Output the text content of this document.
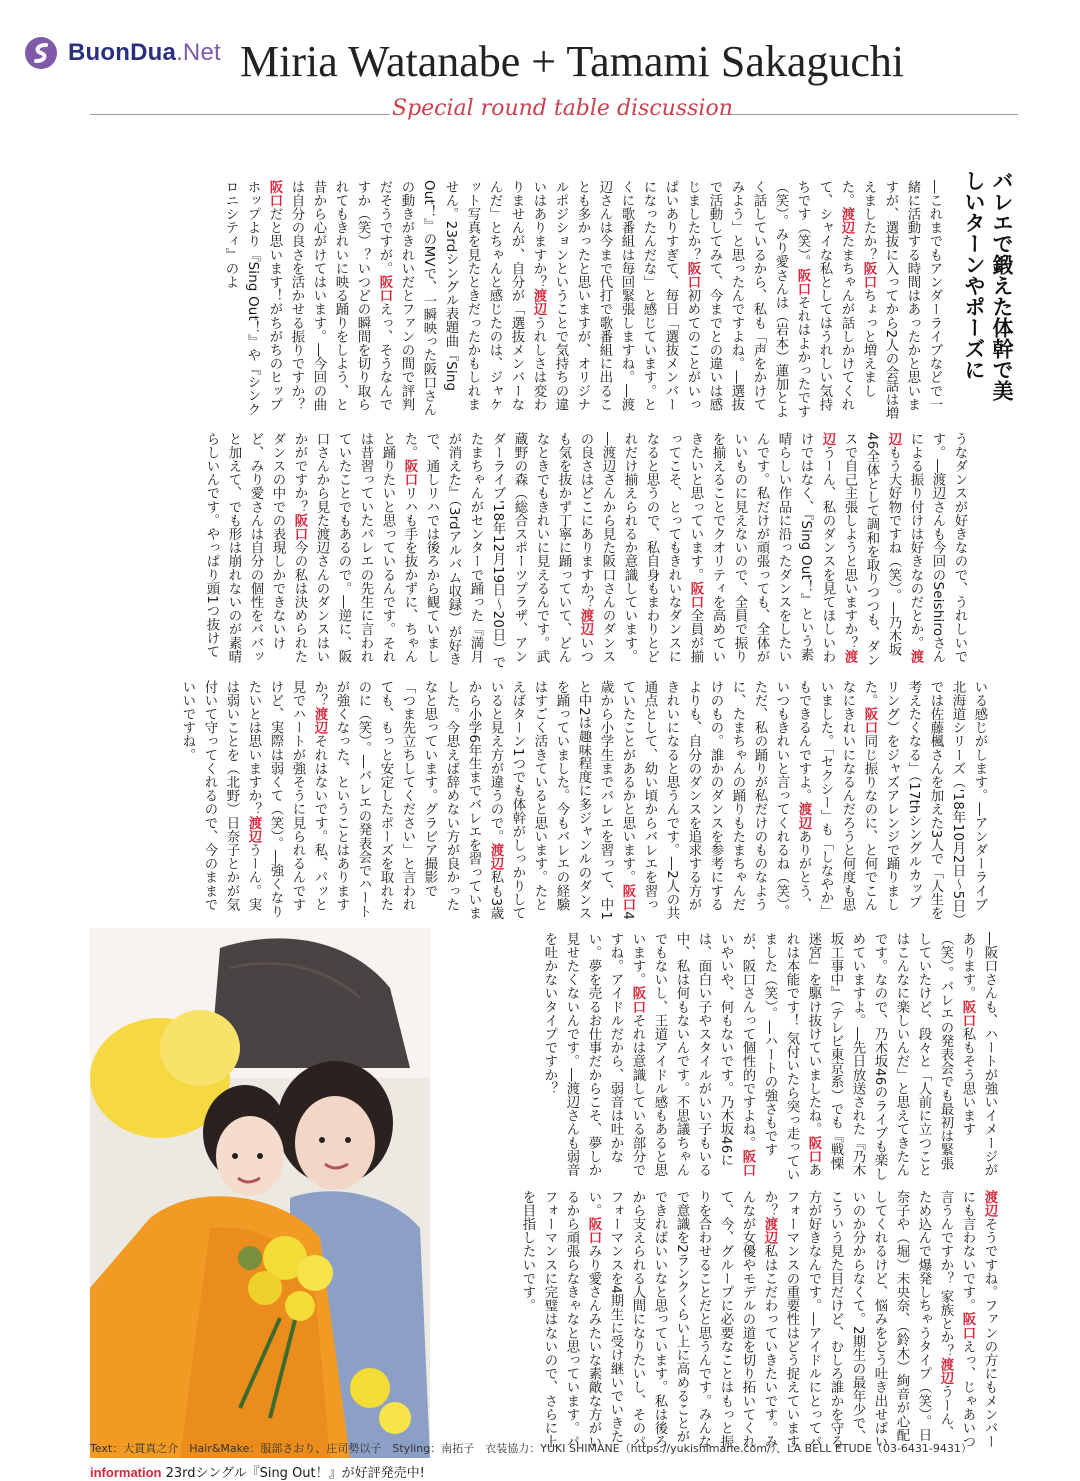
BuonDua.Net Miria Watanabe + Tamami Sakaguchi
Special round table discussion
バレエで鍛えた体幹で美しいターンやポーズに

―これまでもアンダーライブなどで一緒に活動する時間はあったかと思いますが、選抜に入ってから2人の会話は増えましたか？阪口ちょっと増えました。渡辺たまちゃんが話しかけてくれて、シャイな私としてはうれしい気持ちです（笑）。阪口それはよかったです（笑）。みり愛さんは（岩本）蓮加とよく話しているから、私も「声をかけてみよう」と思ったんですよね。―選抜で活動してみて、今までとの違いは感じましたか？阪口初めてのことがいっぱいありすぎて、毎日「選抜メンバーになったんだな」と感じています。とくに歌番組は毎回緊張しますね。―渡辺さんは今まで代打で歌番組に出ることも多かったと思いますが、オリジナルポジションということで気持ちの違いはありますか？渡辺うれしさは変わりませんが、自分が「選抜メンバーなんだ」とちゃんと感じたのは、ジャケット写真を見たときだったかもしれません。23rdシングル表題曲『Sing Out！』のMVで、一瞬映った阪口さんの動きがきれいだとファンの間で評判だそうですが。阪口えっ、そうなんですか（笑）？いつどの瞬間を切り取られてもきれいに映る踊りをしよう、と昔から心がけてはいます。―今回の曲は自分の良さを活かせる振りですか？阪口だと思います！がちがちのヒップホップより『Sing Out！』や『シンクロニシティ』のよ

うなダンスが好きなので、うれしいです。―渡辺さんも今回のSeishiroさんによる振り付けは好きなのだとか。渡辺もう大好物ですね（笑）。―乃木坂46全体として調和を取りつつも、ダンスで自己主張しようと思いますか？渡辺うーん、私のダンスを見てほしいわけではなく、『Sing Out！』という素晴らしい作品に沿ったダンスをしたいんです。私だけが頑張っても、全体がいいものに見えないので、全員で振りを揃えることでクオリティを高めていきたいと思っています。阪口全員が揃ってこそ、とってもきれいなダンスになると思うので、私自身もまわりとどれだけ揃えられるか意識しています。―渡辺さんから見た阪口さんのダンスの良さはどこにありますか？渡辺いつも気を抜かず丁寧に踊っていて、どんなときでもきれいに見えるんです。武蔵野の森（総合スポーツプラザ、アンダーライブ'18年12月19日～20日）でたまちゃんがセンターで踊った『満月が消えた』（3rdアルバム収録）が好きで、通しリハでは後ろから観ていました。阪口リハも手を抜かずに、ちゃんと踊りたいと思っているんです。それは昔習っていたバレエの先生に言われていたことでもあるので。―逆に、阪口さんから見た渡辺さんのダンスはいかがですか？阪口今の私は決められたダンスの中での表現しかできないけど、みり愛さんは自分の個性をババッと加えて、でも形は崩れないのが素晴らしいんです。やっぱり頭1つ抜けて

いる感じがします。―アンダーライブ北海道シリーズ（'18年10月2日～5日）では佐藤楓さんを加えた3人で「人生を考えたくなる」（17thシングルカップリング）をジャズアレンジで踊りました。阪口同じ振りなのに、と何でこんなにきれいになるんだろうと何度も思いました。「セクシー」も「しなやか」もできるんですよ。渡辺ありがとう、いつもきれいと言ってくれるね（笑）。ただ、私の踊りが私だけのものなように、たまちゃんの踊りもたまちゃんだけのもの。誰かのダンスを参考にするよりも、自分のダンスを追求する方がきれいになると思うんです。―2人の共通点として、幼い頃からバレエを習っていたことがあるかと思います。阪口4歳から小学生までバレエを習って、中1と中2は趣味程度に多ジャンルのダンスを踊っていました。今もバレエの経験はすごく活きていると思います。たとえばターン1つでも体幹がしっかりしていると見え方が違うので。渡辺私も3歳から小学6年生までバレエを習っていました。今思えば辞めない方が良かったなと思っています。グラビア撮影で「つま先立ちしてください」と言われても、もっと安定したポーズを取れたのに（笑）。―バレエの発表会でハートが強くなった、ということはありますか？渡辺それはないです。私、パッと見でハートが強そうに見られるんですけど、実際は弱くて（笑）。―強くなりたいとは思いますか？渡辺うーん。実は弱いことを（北野）日奈子とかが気付いて守ってくれるので、今のままでいいですね。

―阪口さんも、ハートが強いイメージがあります。阪口私もそう思います（笑）。バレエの発表会でも最初は緊張していたけど、段々と「人前に立つことはこんなに楽しいんだ」と思えてきたんです。なので、乃木坂46のライブも楽しめていますよ。―先日放送された『乃木坂工事中』（テレビ東京系）でも『戦慄迷宮』を駆け抜けていましたね。阪口あれは本能です！ 気付いたら突っ走っていました（笑）。―ハートの強さもですが、阪口さんって個性的ですよね。阪口いやいや、何もないです。乃木坂46には、面白い子やスタイルがいい子もいる中、私は何もないんです。不思議ちゃんでもないし、王道アイドル感もあると思います。阪口それは意識している部分ですね。アイドルだから、弱音は吐かない。夢を売るお仕事だからこそ、夢しか見せたくないんです。―渡辺さんも弱音を吐かないタイプですか？

渡辺そうですね。ファンの方にもメンバーにも言わないです。阪口えっ、じゃあいつ言うんですか？ 家族とか？渡辺うーん、ため込んで爆発しちゃうタイプ（笑）。日奈子や（堀）未央奈、（鈴木）絢音が心配してくれるけど、悩みをどう吐き出せばいいのか分からなくて。2期生の最年少で、こういう見た目だけど、むしろ誰かを守る方が好きなんです。―アイドルにとってパフォーマンスの重要性はどう捉えていますか？渡辺私はこだわっていきたいです。みんなが女優やモデルの道を切り拓いてくれて、今、グループに必要なことはもっと振りを合わせることだと思うんです。みんなで意識を2ランクくらい上に高めることができればいいなと思っています。私は後ろから支えられる人間になりたいし、そのパフォーマンスを4期生に受け継いでいきたい。阪口みり愛さんみたいな素敵な方がいるから頑張らなきゃなと思っています。パフォーマンスに完璧はないので、さらに上を目指したいです。

information 23rdシングル『Sing Out！』が好評発売中!
Text：大貫真之介　Hair&Make：服部さおり、庄司勢以子　Styling：南拓子　衣装協力：YUKI SHIMANE（https://yukishimane.com/）、LA BELL ETUDE（03-6431-9431）
